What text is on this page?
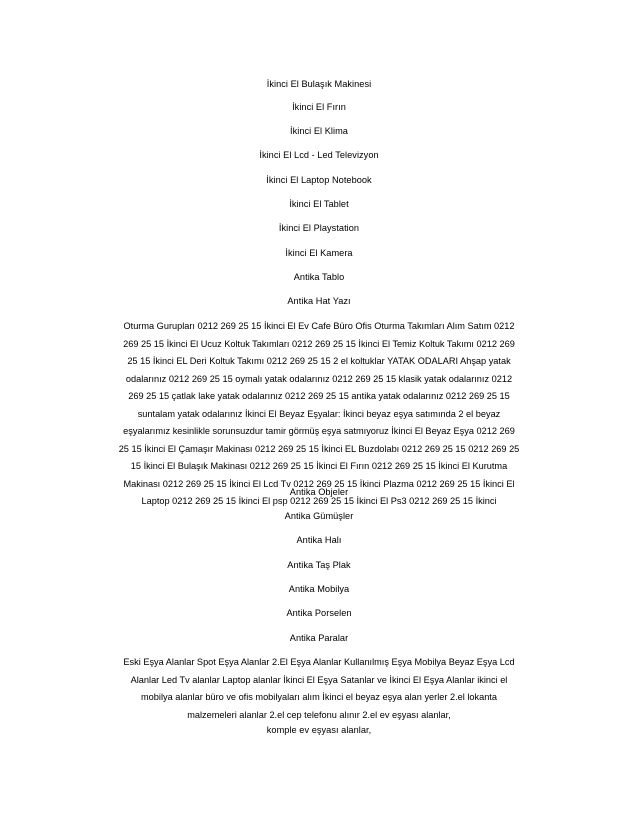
İkinci El Bulaşık Makinesi
İkinci El Fırın
İkinci El Klima
İkinci El Lcd - Led Televizyon
İkinci El Laptop Notebook
İkinci El Tablet
İkinci El Playstation
İkinci El Kamera
Antika Tablo
Antika Hat Yazı
Oturma Gurupları 0212 269 25 15 İkinci El Ev Cafe Büro Ofis Oturma Takımları Alım Satım 0212
269 25 15 İkinci El Ucuz Koltuk Takımları 0212 269 25 15 İkinci El Temiz Koltuk Takımı 0212 269
25 15 İkinci EL Deri Koltuk Takımı 0212 269 25 15 2 el koltuklar YATAK ODALARI Ahşap yatak
odalarınız 0212 269 25 15 oymalı yatak odalarınız 0212 269 25 15 klasik yatak odalarınız 0212
269 25 15 çatlak lake yatak odalarınız 0212 269 25 15 antika yatak odalarınız 0212 269 25 15
suntalam yatak odalarınız İkinci El Beyaz Eşyalar: İkinci beyaz eşya satımında 2 el beyaz
eşyalarımız kesinlikle sorunsuzdur tamir görmüş eşya satmıyoruz İkinci El Beyaz Eşya 0212 269
25 15 İkinci El Çamaşır Makinası 0212 269 25 15 İkinci EL Buzdolabı 0212 269 25 15 0212 269 25
15 İkinci El Bulaşık Makinası 0212 269 25 15 İkinci El Fırın 0212 269 25 15 İkinci El Kurutma
Makinası 0212 269 25 15 İkinci El Lcd Tv 0212 269 25 15 İkinci Plazma 0212 269 25 15 İkinci El
Laptop 0212 269 25 15 İkinci El psp 0212 269 25 15 İkinci El Ps3 0212 269 25 15 İkinci
Antika Objeler
Antika Gümüşler
Antika Halı
Antika Taş Plak
Antika Mobilya
Antika Porselen
Antika Paralar
Eski Eşya Alanlar Spot Eşya Alanlar 2.El Eşya Alanlar Kullanılmış Eşya Mobilya Beyaz Eşya Lcd
Alanlar Led Tv alanlar Laptop alanlar İkinci El Eşya Satanlar ve İkinci El Eşya Alanlar ikinci el
mobilya alanlar büro ve ofis mobilyaları alım İkinci el beyaz eşya alan yerler 2.el lokanta
malzemeleri alanlar 2.el cep telefonu alınır 2.el ev eşyası alanlar,
komple ev eşyası alanlar,
